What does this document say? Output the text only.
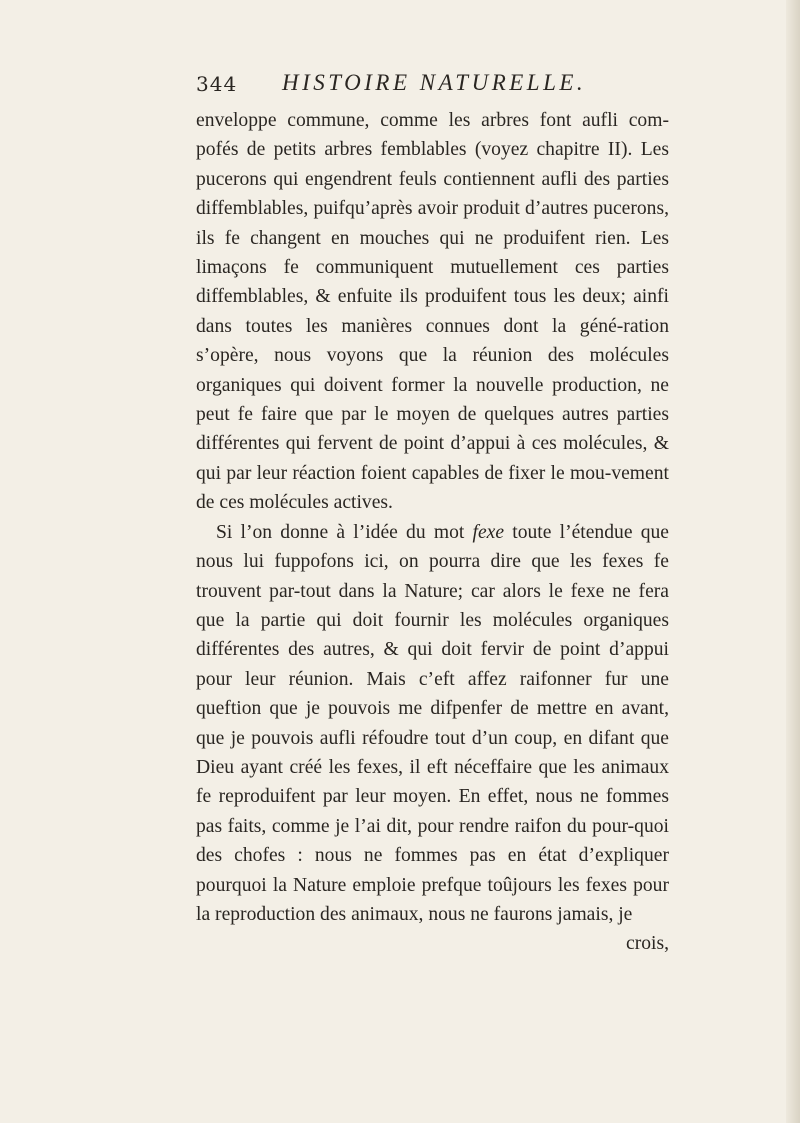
344 HISTOIRE NATURELLE.

enveloppe commune, comme les arbres font aufli com-pofés de petits arbres femblables (voyez chapitre II). Les pucerons qui engendrent feuls contiennent aufli des parties diffemblables, puifqu’après avoir produit d’autres pucerons, ils fe changent en mouches qui ne produifent rien. Les limaçons fe communiquent mutuellement ces parties diffemblables, & enfuite ils produifent tous les deux; ainfi dans toutes les manières connues dont la géné-ration s’opère, nous voyons que la réunion des molécules organiques qui doivent former la nouvelle production, ne peut fe faire que par le moyen de quelques autres parties différentes qui fervent de point d’appui à ces molécules, & qui par leur réaction foient capables de fixer le mou-vement de ces molécules actives.

Si l’on donne à l’idée du mot fexe toute l’étendue que nous lui fuppofons ici, on pourra dire que les fexes fe trouvent par-tout dans la Nature; car alors le fexe ne fera que la partie qui doit fournir les molécules organiques différentes des autres, & qui doit fervir de point d’appui pour leur réunion. Mais c’eft affez raifonner fur une queftion que je pouvois me difpenfer de mettre en avant, que je pouvois aufli réfoudre tout d’un coup, en difant que Dieu ayant créé les fexes, il eft néceffaire que les animaux fe reproduifent par leur moyen. En effet, nous ne fommes pas faits, comme je l’ai dit, pour rendre raifon du pour-quoi des chofes : nous ne fommes pas en état d’expliquer pourquoi la Nature emploie prefque toûjours les fexes pour la reproduction des animaux, nous ne faurons jamais, je

crois,
